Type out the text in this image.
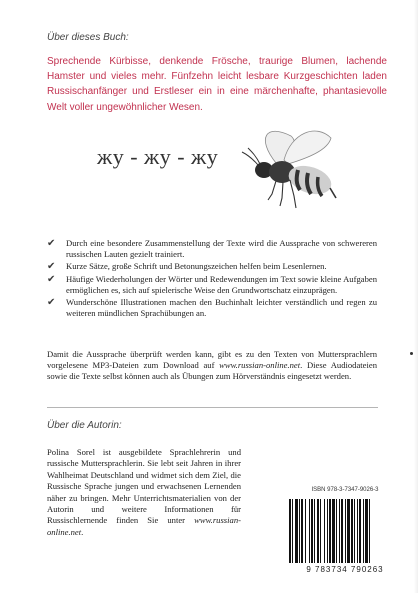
Über dieses Buch:
Sprechende Kürbisse, denkende Frösche, traurige Blumen, lachende Hamster und vieles mehr. Fünfzehn leicht lesbare Kurzgeschichten laden Russischanfänger und Erstleser ein in eine märchenhafte, phantasievolle Welt voller ungewöhnlicher Wesen.
жу - жу - жу
✔ Durch eine besondere Zusammenstellung der Texte wird die Aussprache von schwereren russischen Lauten gezielt trainiert.
✔ Kurze Sätze, große Schrift und Betonungszeichen helfen beim Lesenlernen.
✔ Häufige Wiederholungen der Wörter und Redewendungen im Text sowie kleine Aufgaben ermöglichen es, sich auf spielerische Weise den Grundwortschatz einzuprägen.
✔ Wunderschöne Illustrationen machen den Buchinhalt leichter verständlich und regen zu weiteren mündlichen Sprachübungen an.
Damit die Aussprache überprüft werden kann, gibt es zu den Texten von Muttersprachlern vorgelesene MP3-Dateien zum Download auf www.russian-online.net. Diese Audiodateien sowie die Texte selbst können auch als Übungen zum Hörverständnis eingesetzt werden.
Über die Autorin:
Polina Sorel ist ausgebildete Sprachlehrerin und russische Muttersprachlerin. Sie lebt seit Jahren in ihrer Wahlheimat Deutschland und widmet sich dem Ziel, die Russische Sprache jungen und erwachsenen Lernenden näher zu bringen. Mehr Unterrichtsmaterialien von der Autorin und weitere Informationen für Russischlernende finden Sie unter www.russian-online.net.
ISBN 978-3-7347-9026-3
9 783734 790263
